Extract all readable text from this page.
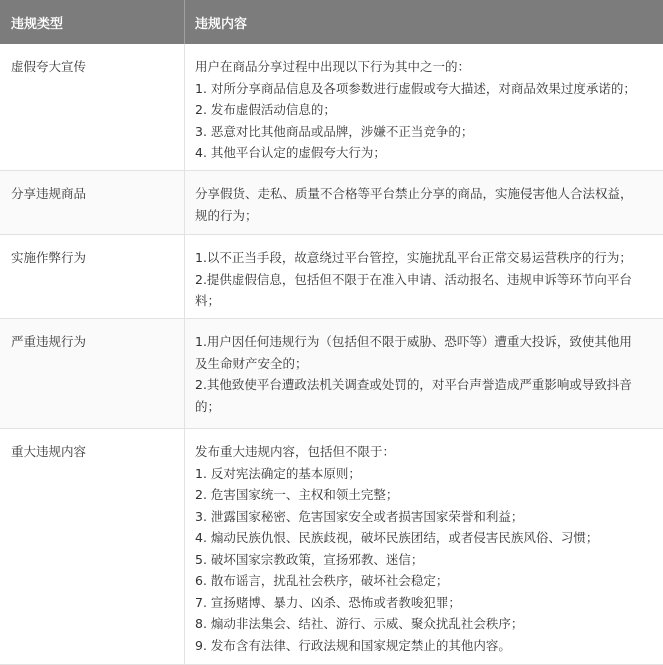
违规类型	违规内容
虚假夸大宣传	用户在商品分享过程中出现以下行为其中之一的：
1. 对所分享商品信息及各项参数进行虚假或夸大描述，对商品效果过度承诺的；
2. 发布虚假活动信息的；
3. 恶意对比其他商品或品牌，涉嫌不正当竞争的；
4. 其他平台认定的虚假夸大行为；
分享违规商品	分享假货、走私、质量不合格等平台禁止分享的商品，实施侵害他人合法权益，
规的行为；
实施作弊行为	1.以不正当手段，故意绕过平台管控，实施扰乱平台正常交易运营秩序的行为；
2.提供虚假信息，包括但不限于在准入申请、活动报名、违规申诉等环节向平台
料；
严重违规行为	1.用户因任何违规行为（包括但不限于威胁、恐吓等）遭重大投诉，致使其他用
及生命财产安全的；
2.其他致使平台遭政法机关调查或处罚的，对平台声誉造成严重影响或导致抖音
的；
重大违规内容	发布重大违规内容，包括但不限于：
1. 反对宪法确定的基本原则；
2. 危害国家统一、主权和领土完整；
3. 泄露国家秘密、危害国家安全或者损害国家荣誉和利益；
4. 煽动民族仇恨、民族歧视，破坏民族团结，或者侵害民族风俗、习惯；
5. 破坏国家宗教政策，宣扬邪教、迷信；
6. 散布谣言，扰乱社会秩序，破坏社会稳定；
7. 宣扬赌博、暴力、凶杀、恐怖或者教唆犯罪；
8. 煽动非法集会、结社、游行、示威、聚众扰乱社会秩序；
9. 发布含有法律、行政法规和国家规定禁止的其他内容。
